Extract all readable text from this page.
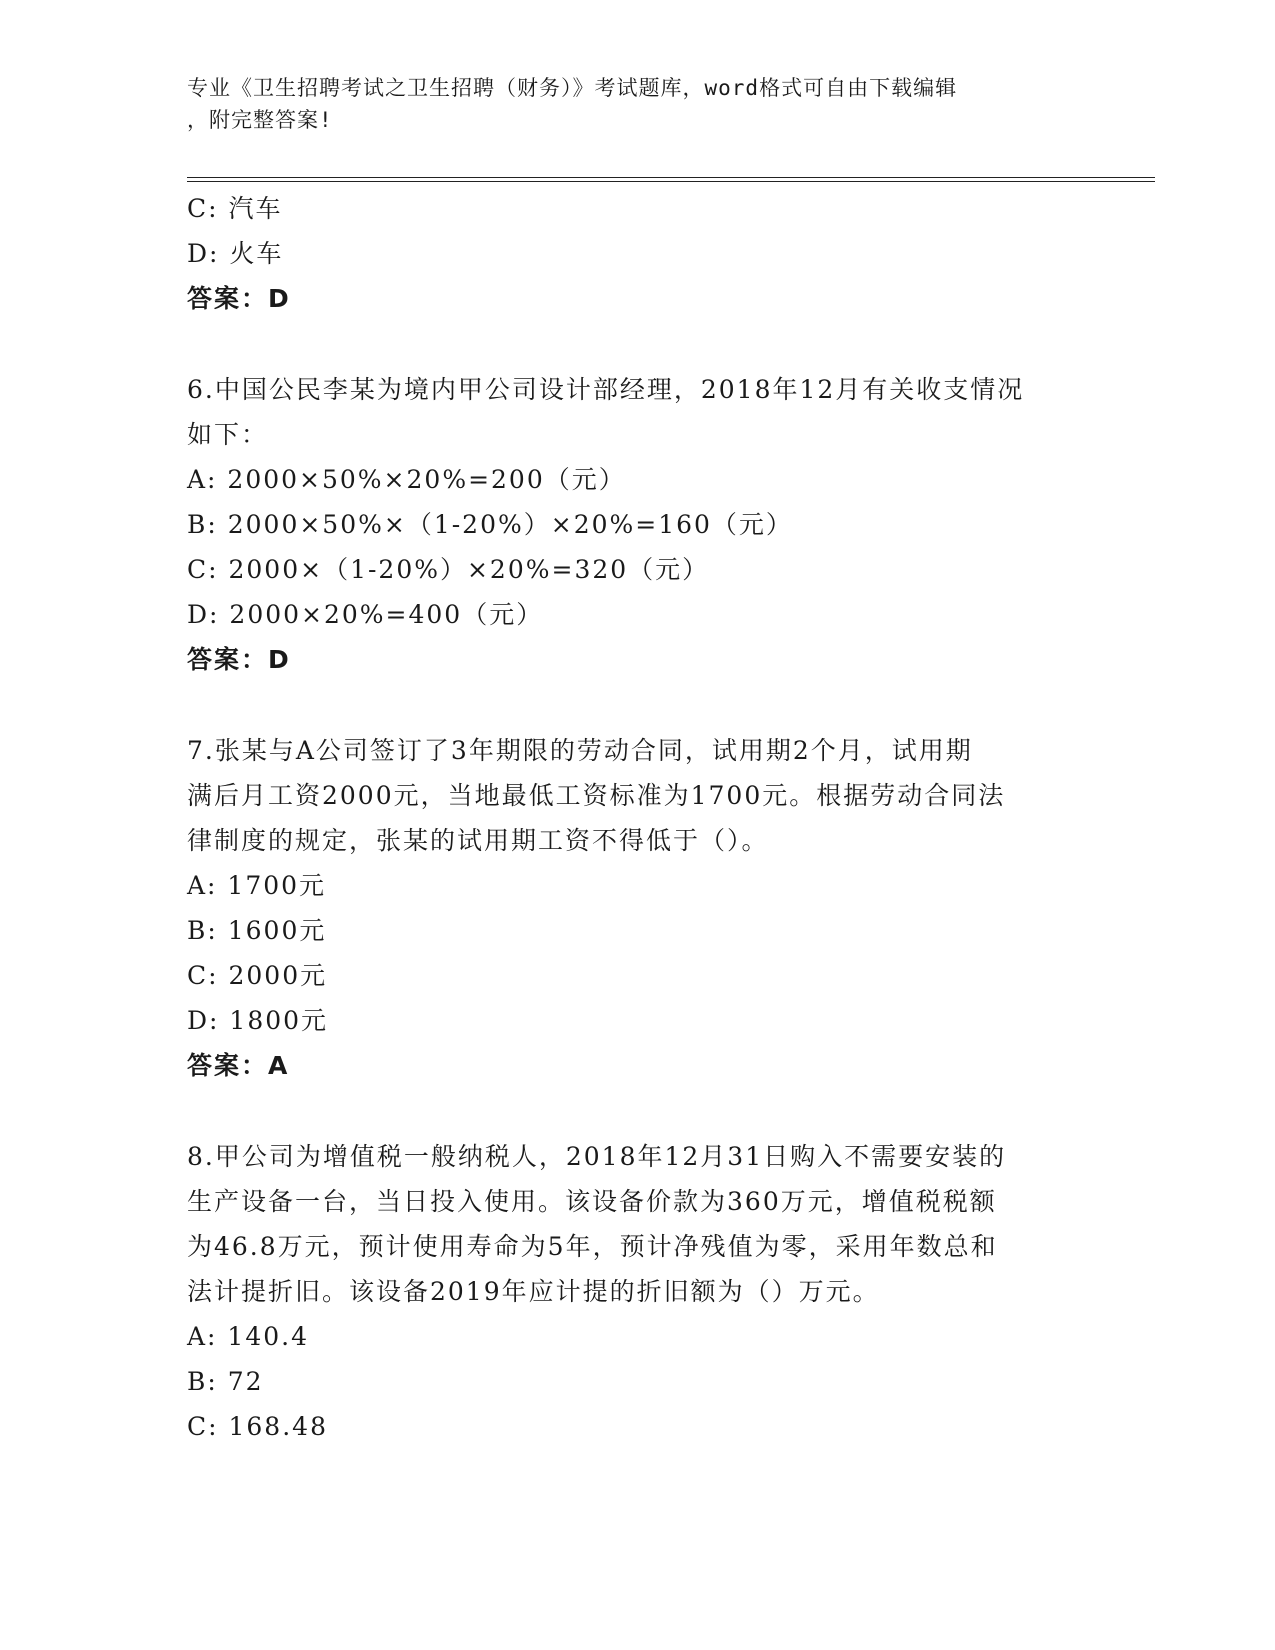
专业《卫生招聘考试之卫生招聘（财务）》考试题库，word格式可自由下载编辑
，附完整答案!
C: 汽车
D: 火车
答案：D
6.中国公民李某为境内甲公司设计部经理，2018年12月有关收支情况
如下：
A: 2000×50%×20%=200（元）
B: 2000×50%×（1-20%）×20%=160（元）
C: 2000×（1-20%）×20%=320（元）
D: 2000×20%=400（元）
答案：D
7.张某与A公司签订了3年期限的劳动合同，试用期2个月，试用期
满后月工资2000元，当地最低工资标准为1700元。根据劳动合同法
律制度的规定，张某的试用期工资不得低于（）。
A: 1700元
B: 1600元
C: 2000元
D: 1800元
答案：A
8.甲公司为增值税一般纳税人，2018年12月31日购入不需要安装的
生产设备一台，当日投入使用。该设备价款为360万元，增值税税额
为46.8万元，预计使用寿命为5年，预计净残值为零，采用年数总和
法计提折旧。该设备2019年应计提的折旧额为（）万元。
A: 140.4
B: 72
C: 168.48
